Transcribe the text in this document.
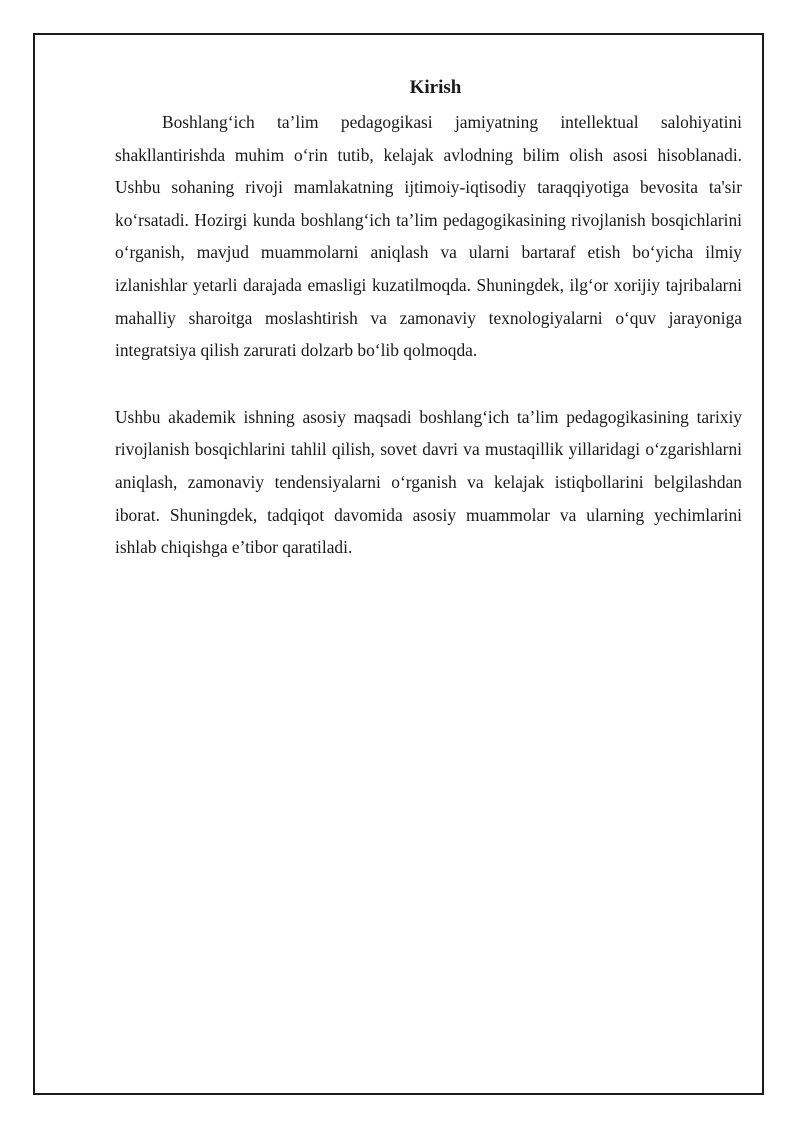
Kirish

Boshlang‘ich ta’lim pedagogikasi jamiyatning intellektual salohiyatini shakllantirishda muhim o‘rin tutib, kelajak avlodning bilim olish asosi hisoblanadi. Ushbu sohaning rivoji mamlakatning ijtimoiy-iqtisodiy taraqqiyotiga bevosita ta'sir ko‘rsatadi. Hozirgi kunda boshlang‘ich ta’lim pedagogikasining rivojlanish bosqichlarini o‘rganish, mavjud muammolarni aniqlash va ularni bartaraf etish bo‘yicha ilmiy izlanishlar yetarli darajada emasligi kuzatilmoqda. Shuningdek, ilg‘or xorijiy tajribalarni mahalliy sharoitga moslashtirish va zamonaviy texnologiyalarni o‘quv jarayoniga integratsiya qilish zarurati dolzarb bo‘lib qolmoqda.

Ushbu akademik ishning asosiy maqsadi boshlang‘ich ta’lim pedagogikasining tarixiy rivojlanish bosqichlarini tahlil qilish, sovet davri va mustaqillik yillaridagi o‘zgarishlarni aniqlash, zamonaviy tendensiyalarni o‘rganish va kelajak istiqbollarini belgilashdan iborat. Shuningdek, tadqiqot davomida asosiy muammolar va ularning yechimlarini ishlab chiqishga e’tibor qaratiladi.
